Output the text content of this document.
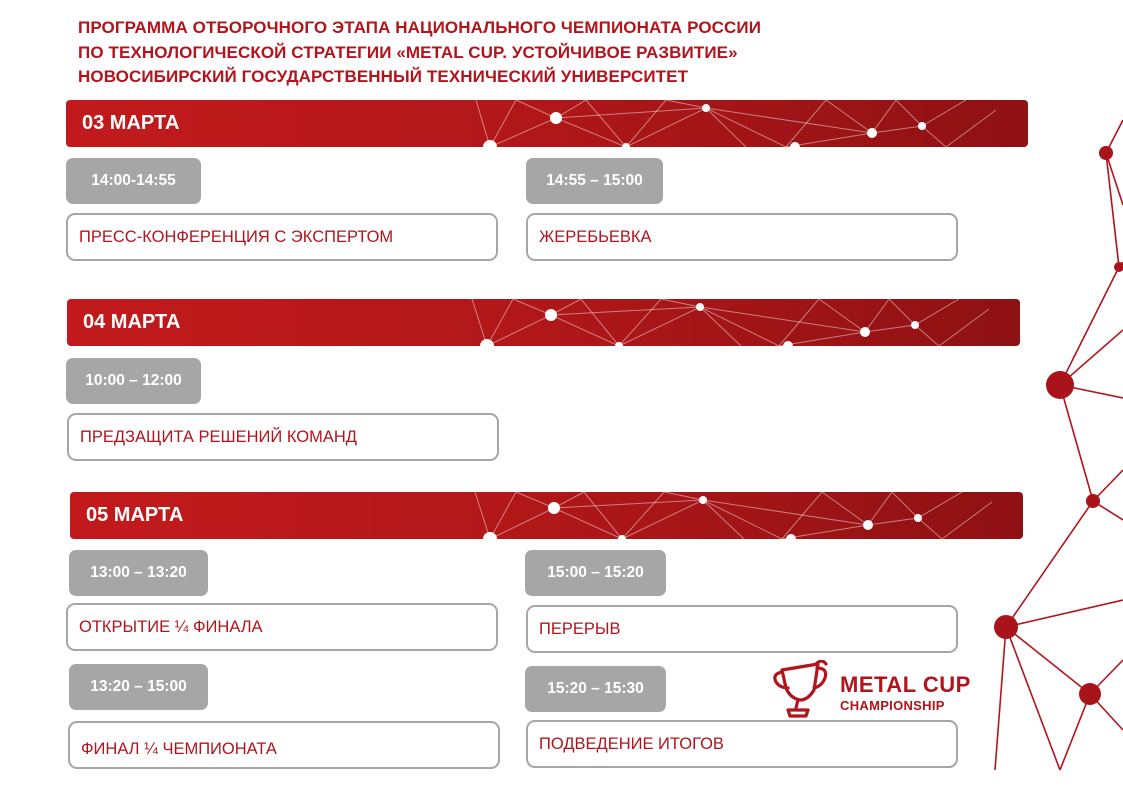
ПРОГРАММА ОТБОРОЧНОГО ЭТАПА НАЦИОНАЛЬНОГО ЧЕМПИОНАТА РОССИИ
ПО ТЕХНОЛОГИЧЕСКОЙ СТРАТЕГИИ «METAL CUP. УСТОЙЧИВОЕ РАЗВИТИЕ»
НОВОСИБИРСКИЙ ГОСУДАРСТВЕННЫЙ ТЕХНИЧЕСКИЙ УНИВЕРСИТЕТ
03 МАРТА
14:00-14:55
ПРЕСС-КОНФЕРЕНЦИЯ С ЭКСПЕРТОМ
14:55 – 15:00
ЖЕРЕБЬЕВКА
04 МАРТА
10:00 – 12:00
ПРЕДЗАЩИТА РЕШЕНИЙ КОМАНД
05 МАРТА
13:00 – 13:20
ОТКРЫТИЕ ¼ ФИНАЛА
15:00 – 15:20
ПЕРЕРЫВ
13:20 – 15:00
ФИНАЛ ¼ ЧЕМПИОНАТА
15:20 – 15:30
ПОДВЕДЕНИЕ ИТОГОВ
METAL CUP
CHAMPIONSHIP
